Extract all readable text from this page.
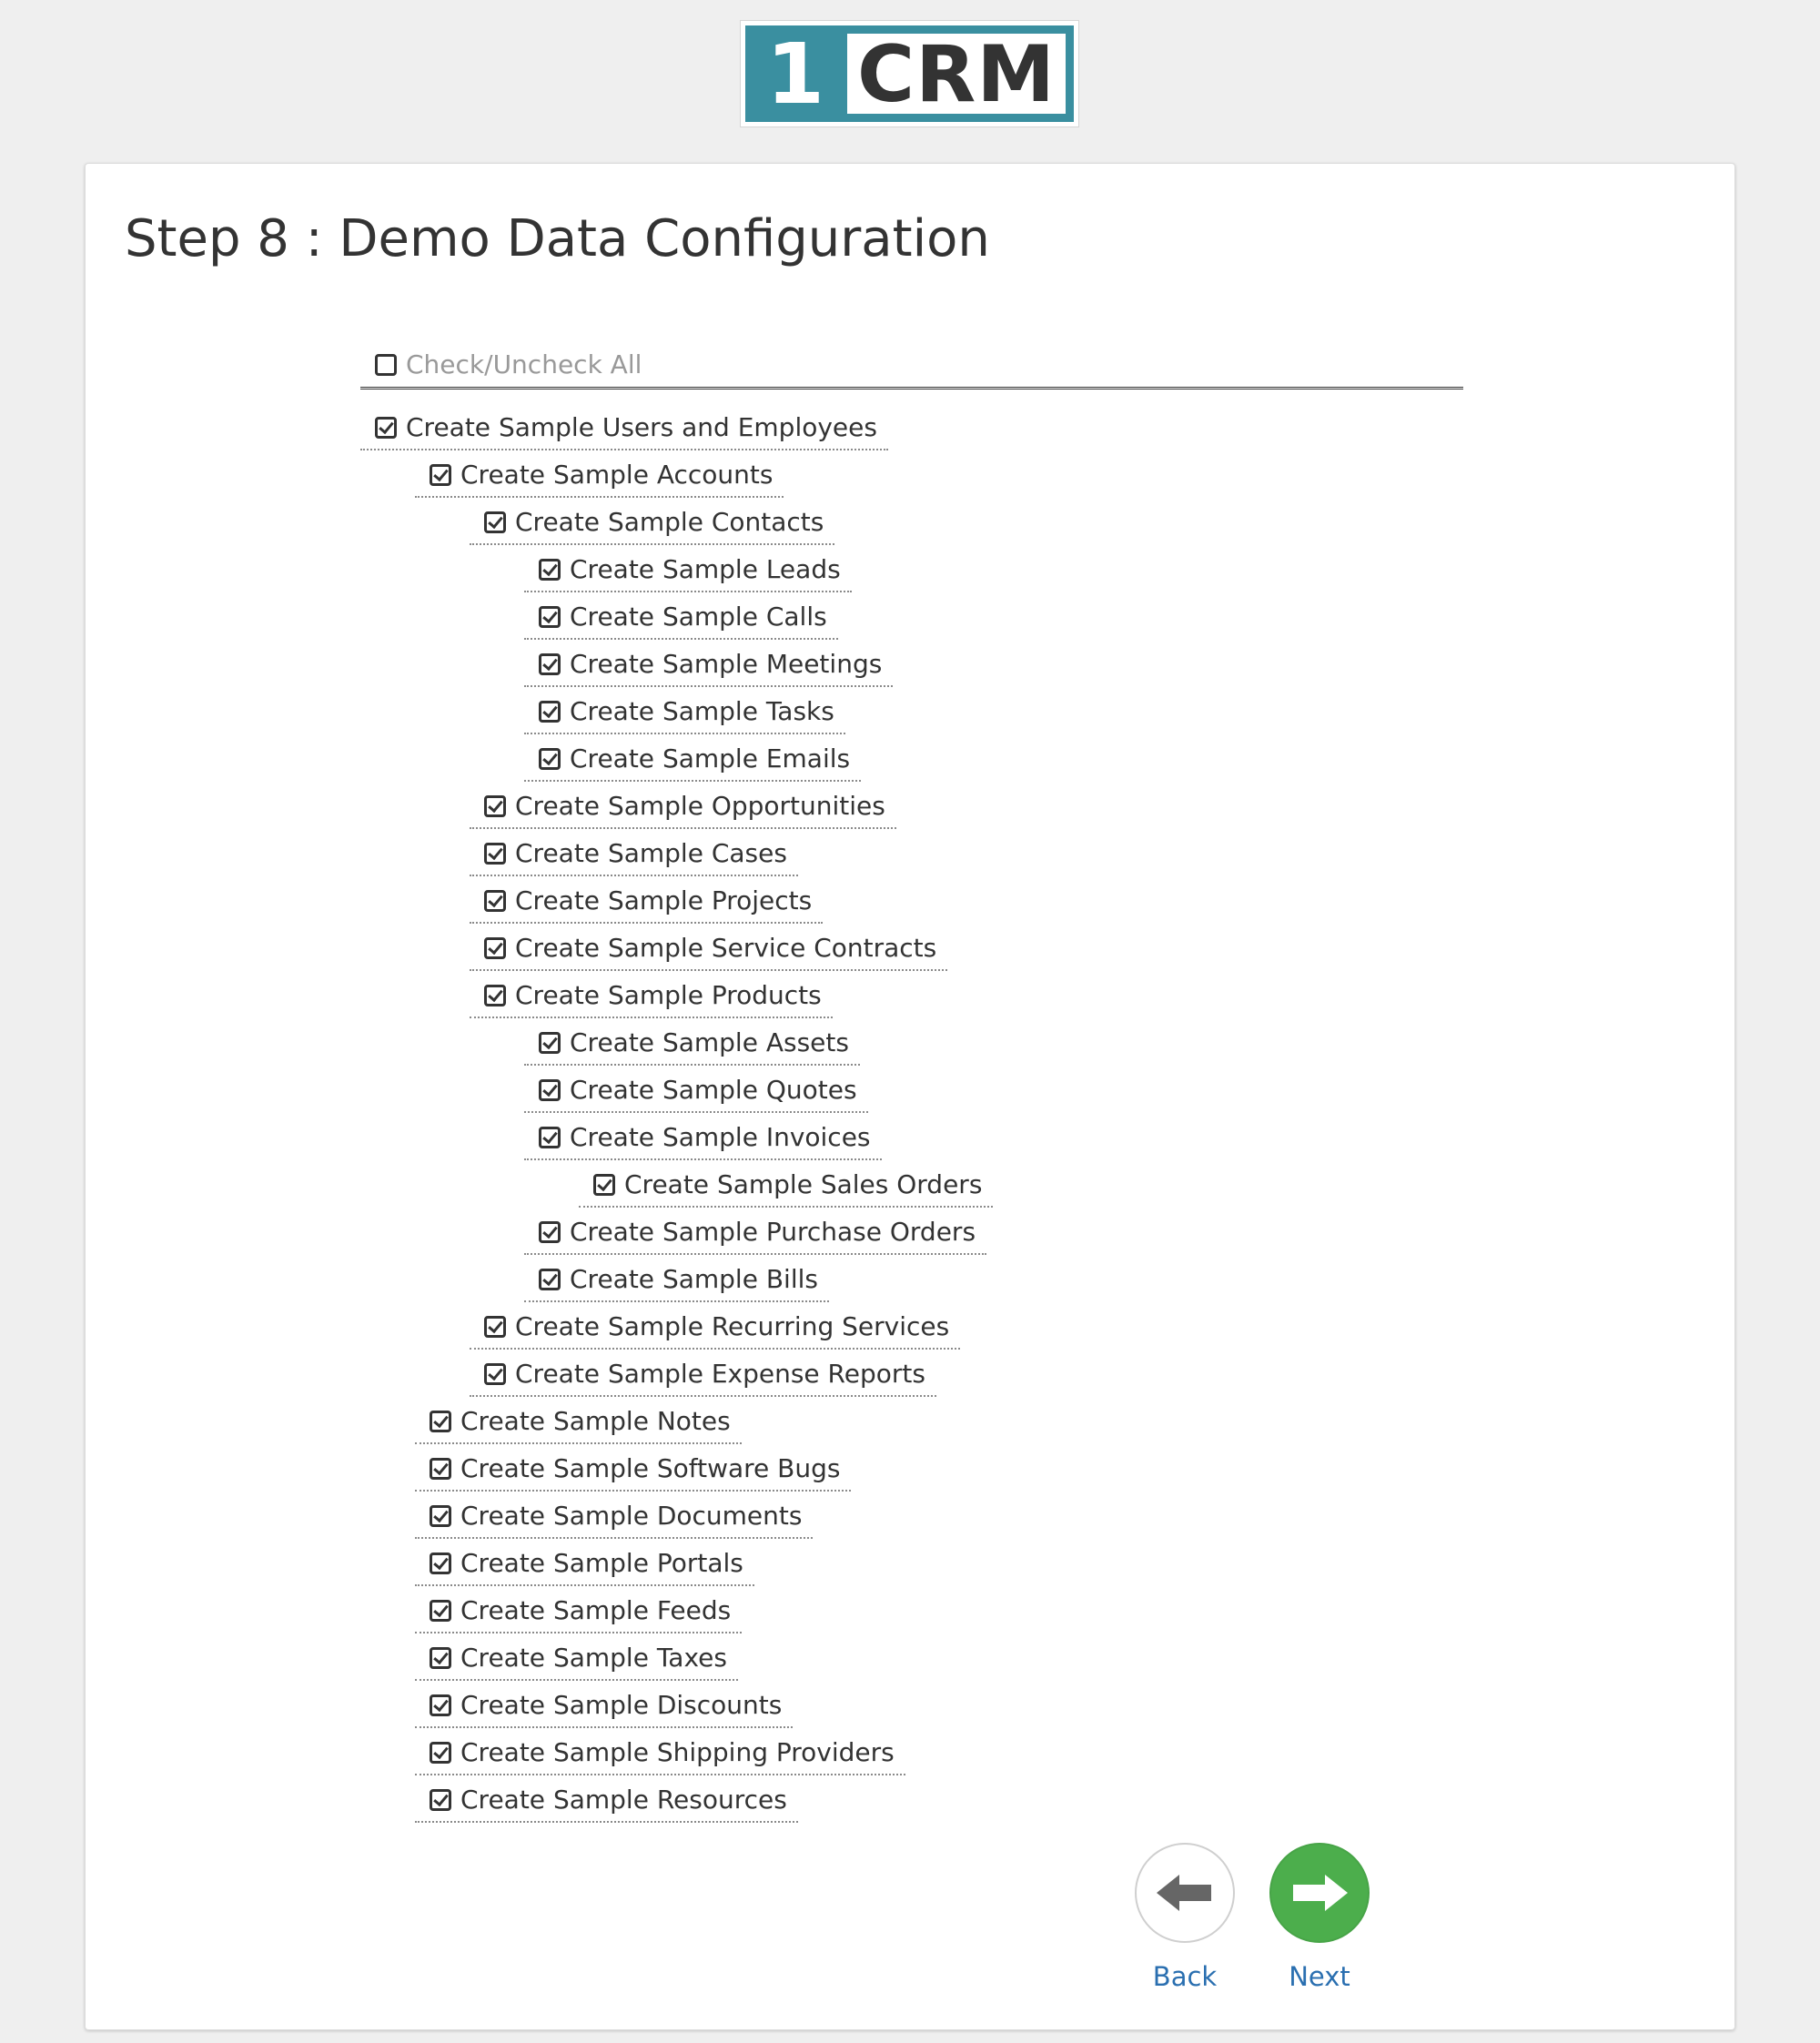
1 CRM
Step 8 : Demo Data Configuration
Check/Uncheck All
Create Sample Users and Employees
Create Sample Accounts
Create Sample Contacts
Create Sample Leads
Create Sample Calls
Create Sample Meetings
Create Sample Tasks
Create Sample Emails
Create Sample Opportunities
Create Sample Cases
Create Sample Projects
Create Sample Service Contracts
Create Sample Products
Create Sample Assets
Create Sample Quotes
Create Sample Invoices
Create Sample Sales Orders
Create Sample Purchase Orders
Create Sample Bills
Create Sample Recurring Services
Create Sample Expense Reports
Create Sample Notes
Create Sample Software Bugs
Create Sample Documents
Create Sample Portals
Create Sample Feeds
Create Sample Taxes
Create Sample Discounts
Create Sample Shipping Providers
Create Sample Resources
Back	Next
